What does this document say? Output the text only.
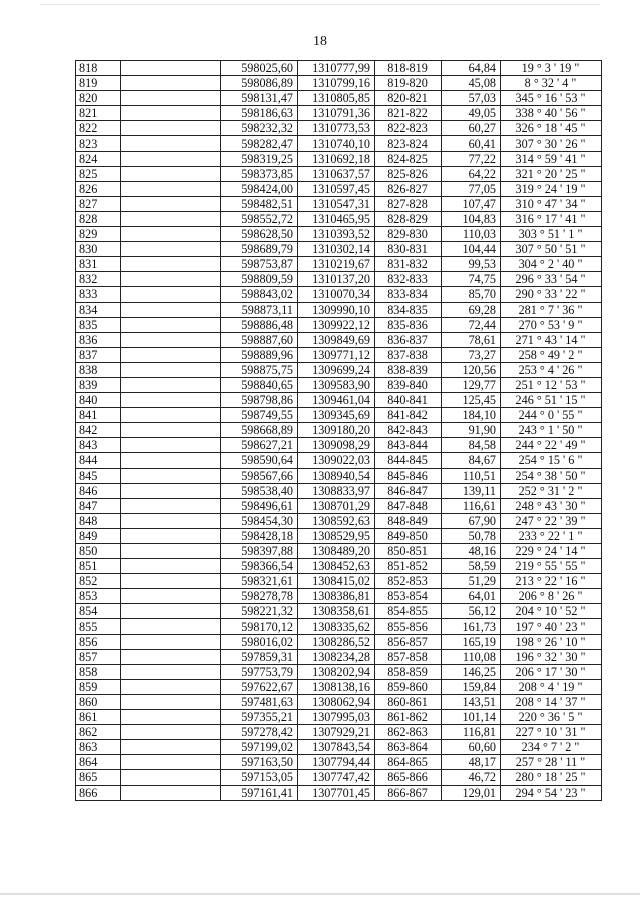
18
818		598025,60	1310777,99	818-819	64,84	19 ° 3 ' 19 "
819		598086,89	1310799,16	819-820	45,08	8 ° 32 ' 4 "
820		598131,47	1310805,85	820-821	57,03	345 ° 16 ' 53 "
821		598186,63	1310791,36	821-822	49,05	338 ° 40 ' 56 "
822		598232,32	1310773,53	822-823	60,27	326 ° 18 ' 45 "
823		598282,47	1310740,10	823-824	60,41	307 ° 30 ' 26 "
824		598319,25	1310692,18	824-825	77,22	314 ° 59 ' 41 "
825		598373,85	1310637,57	825-826	64,22	321 ° 20 ' 25 "
826		598424,00	1310597,45	826-827	77,05	319 ° 24 ' 19 "
827		598482,51	1310547,31	827-828	107,47	310 ° 47 ' 34 "
828		598552,72	1310465,95	828-829	104,83	316 ° 17 ' 41 "
829		598628,50	1310393,52	829-830	110,03	303 ° 51 ' 1 "
830		598689,79	1310302,14	830-831	104,44	307 ° 50 ' 51 "
831		598753,87	1310219,67	831-832	99,53	304 ° 2 ' 40 "
832		598809,59	1310137,20	832-833	74,75	296 ° 33 ' 54 "
833		598843,02	1310070,34	833-834	85,70	290 ° 33 ' 22 "
834		598873,11	1309990,10	834-835	69,28	281 ° 7 ' 36 "
835		598886,48	1309922,12	835-836	72,44	270 ° 53 ' 9 "
836		598887,60	1309849,69	836-837	78,61	271 ° 43 ' 14 "
837		598889,96	1309771,12	837-838	73,27	258 ° 49 ' 2 "
838		598875,75	1309699,24	838-839	120,56	253 ° 4 ' 26 "
839		598840,65	1309583,90	839-840	129,77	251 ° 12 ' 53 "
840		598798,86	1309461,04	840-841	125,45	246 ° 51 ' 15 "
841		598749,55	1309345,69	841-842	184,10	244 ° 0 ' 55 "
842		598668,89	1309180,20	842-843	91,90	243 ° 1 ' 50 "
843		598627,21	1309098,29	843-844	84,58	244 ° 22 ' 49 "
844		598590,64	1309022,03	844-845	84,67	254 ° 15 ' 6 "
845		598567,66	1308940,54	845-846	110,51	254 ° 38 ' 50 "
846		598538,40	1308833,97	846-847	139,11	252 ° 31 ' 2 "
847		598496,61	1308701,29	847-848	116,61	248 ° 43 ' 30 "
848		598454,30	1308592,63	848-849	67,90	247 ° 22 ' 39 "
849		598428,18	1308529,95	849-850	50,78	233 ° 22 ' 1 "
850		598397,88	1308489,20	850-851	48,16	229 ° 24 ' 14 "
851		598366,54	1308452,63	851-852	58,59	219 ° 55 ' 55 "
852		598321,61	1308415,02	852-853	51,29	213 ° 22 ' 16 "
853		598278,78	1308386,81	853-854	64,01	206 ° 8 ' 26 "
854		598221,32	1308358,61	854-855	56,12	204 ° 10 ' 52 "
855		598170,12	1308335,62	855-856	161,73	197 ° 40 ' 23 "
856		598016,02	1308286,52	856-857	165,19	198 ° 26 ' 10 "
857		597859,31	1308234,28	857-858	110,08	196 ° 32 ' 30 "
858		597753,79	1308202,94	858-859	146,25	206 ° 17 ' 30 "
859		597622,67	1308138,16	859-860	159,84	208 ° 4 ' 19 "
860		597481,63	1308062,94	860-861	143,51	208 ° 14 ' 37 "
861		597355,21	1307995,03	861-862	101,14	220 ° 36 ' 5 "
862		597278,42	1307929,21	862-863	116,81	227 ° 10 ' 31 "
863		597199,02	1307843,54	863-864	60,60	234 ° 7 ' 2 "
864		597163,50	1307794,44	864-865	48,17	257 ° 28 ' 11 "
865		597153,05	1307747,42	865-866	46,72	280 ° 18 ' 25 "
866		597161,41	1307701,45	866-867	129,01	294 ° 54 ' 23 "
